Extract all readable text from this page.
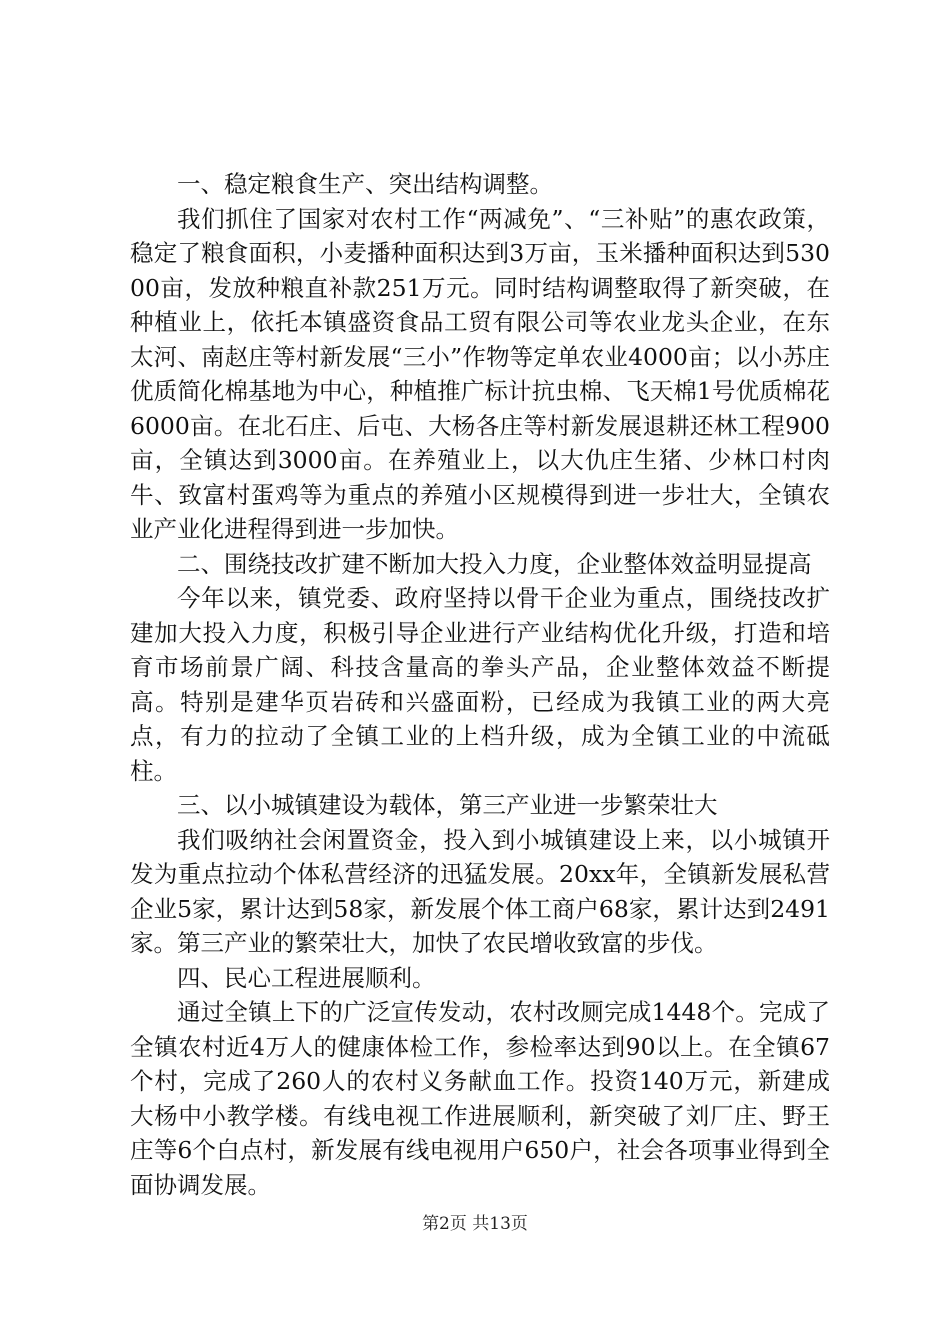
一、稳定粮食生产、突出结构调整。

我们抓住了国家对农村工作“两减免”、“三补贴”的惠农政策，稳定了粮食面积，小麦播种面积达到3万亩，玉米播种面积达到53000亩，发放种粮直补款251万元。同时结构调整取得了新突破，在种植业上，依托本镇盛资食品工贸有限公司等农业龙头企业，在东太河、南赵庄等村新发展“三小”作物等定单农业4000亩；以小苏庄优质简化棉基地为中心，种植推广标计抗虫棉、飞天棉1号优质棉花6000亩。在北石庄、后屯、大杨各庄等村新发展退耕还林工程900亩，全镇达到3000亩。在养殖业上，以大仇庄生猪、少林口村肉牛、致富村蛋鸡等为重点的养殖小区规模得到进一步壮大，全镇农业产业化进程得到进一步加快。

二、围绕技改扩建不断加大投入力度，企业整体效益明显提高

今年以来，镇党委、政府坚持以骨干企业为重点，围绕技改扩建加大投入力度，积极引导企业进行产业结构优化升级，打造和培育市场前景广阔、科技含量高的拳头产品，企业整体效益不断提高。特别是建华页岩砖和兴盛面粉，已经成为我镇工业的两大亮点，有力的拉动了全镇工业的上档升级，成为全镇工业的中流砥柱。

三、以小城镇建设为载体，第三产业进一步繁荣壮大

我们吸纳社会闲置资金，投入到小城镇建设上来，以小城镇开发为重点拉动个体私营经济的迅猛发展。20xx年，全镇新发展私营企业5家，累计达到58家，新发展个体工商户68家，累计达到2491家。第三产业的繁荣壮大，加快了农民增收致富的步伐。

四、民心工程进展顺利。

通过全镇上下的广泛宣传发动，农村改厕完成1448个。完成了全镇农村近4万人的健康体检工作，参检率达到90以上。在全镇67个村，完成了260人的农村义务献血工作。投资140万元，新建成大杨中小教学楼。有线电视工作进展顺利，新突破了刘厂庄、野王庄等6个白点村，新发展有线电视用户650户，社会各项事业得到全面协调发展。

第2页 共13页
